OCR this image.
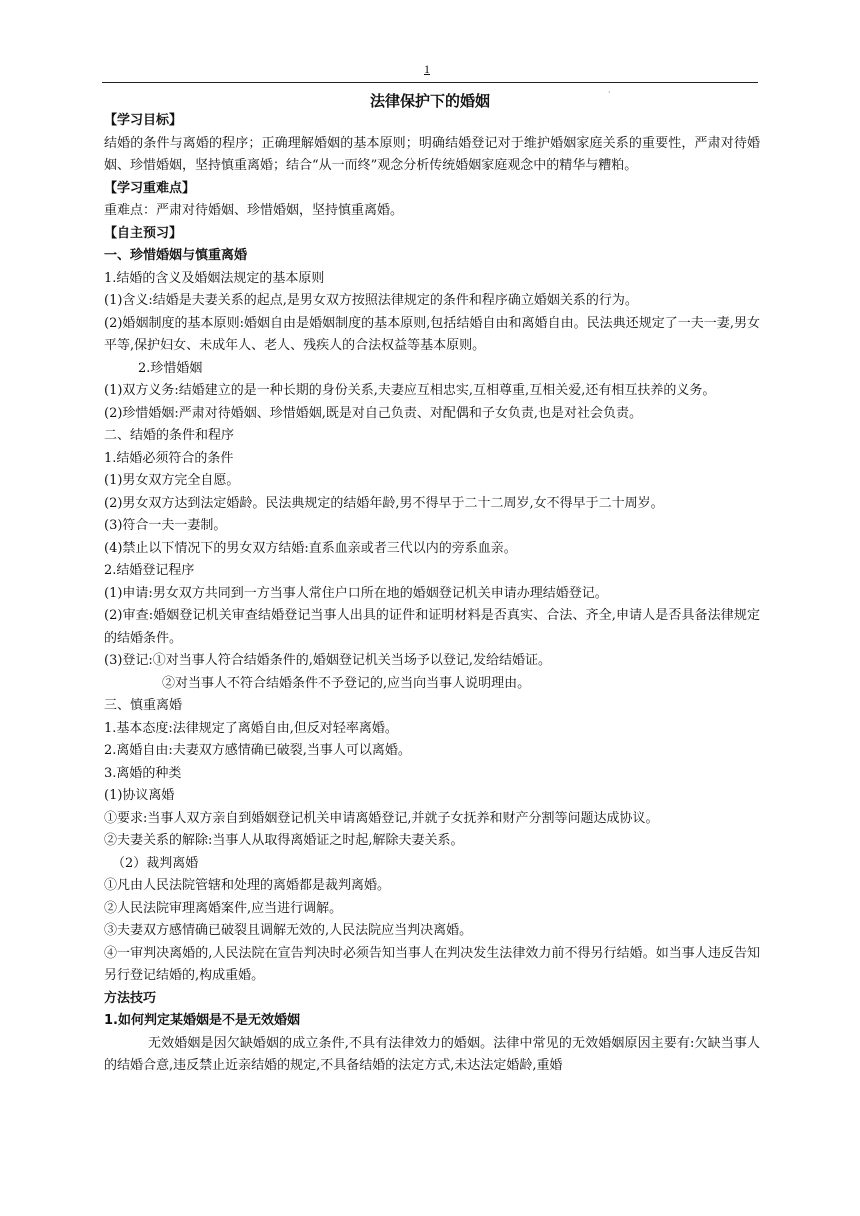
1
·
法律保护下的婚姻

【学习目标】

结婚的条件与离婚的程序；正确理解婚姻的基本原则；明确结婚登记对于维护婚姻家庭关系的重要性，严肃对待婚姻、珍惜婚姻，坚持慎重离婚；结合“从一而终”观念分析传统婚姻家庭观念中的精华与糟粕。

【学习重难点】

重难点：严肃对待婚姻、珍惜婚姻，坚持慎重离婚。

【自主预习】

一、珍惜婚姻与慎重离婚

1.结婚的含义及婚姻法规定的基本原则

(1)含义:结婚是夫妻关系的起点,是男女双方按照法律规定的条件和程序确立婚姻关系的行为。

(2)婚姻制度的基本原则:婚姻自由是婚姻制度的基本原则,包括结婚自由和离婚自由。民法典还规定了一夫一妻,男女平等,保护妇女、未成年人、老人、残疾人的合法权益等基本原则。

2.珍惜婚姻

(1)双方义务:结婚建立的是一种长期的身份关系,夫妻应互相忠实,互相尊重,互相关爱,还有相互扶养的义务。

(2)珍惜婚姻:严肃对待婚姻、珍惜婚姻,既是对自己负责、对配偶和子女负责,也是对社会负责。

二、结婚的条件和程序

1.结婚必须符合的条件

(1)男女双方完全自愿。

(2)男女双方达到法定婚龄。民法典规定的结婚年龄,男不得早于二十二周岁,女不得早于二十周岁。

(3)符合一夫一妻制。

(4)禁止以下情况下的男女双方结婚:直系血亲或者三代以内的旁系血亲。

2.结婚登记程序

(1)申请:男女双方共同到一方当事人常住户口所在地的婚姻登记机关申请办理结婚登记。

(2)审查:婚姻登记机关审查结婚登记当事人出具的证件和证明材料是否真实、合法、齐全,申请人是否具备法律规定的结婚条件。

(3)登记:①对当事人符合结婚条件的,婚姻登记机关当场予以登记,发给结婚证。

②对当事人不符合结婚条件不予登记的,应当向当事人说明理由。

三、慎重离婚

1.基本态度:法律规定了离婚自由,但反对轻率离婚。

2.离婚自由:夫妻双方感情确已破裂,当事人可以离婚。

3.离婚的种类

(1)协议离婚

①要求:当事人双方亲自到婚姻登记机关申请离婚登记,并就子女抚养和财产分割等问题达成协议。

②夫妻关系的解除:当事人从取得离婚证之时起,解除夫妻关系。

（2）裁判离婚

①凡由人民法院管辖和处理的离婚都是裁判离婚。

②人民法院审理离婚案件,应当进行调解。

③夫妻双方感情确已破裂且调解无效的,人民法院应当判决离婚。

④一审判决离婚的,人民法院在宣告判决时必须告知当事人在判决发生法律效力前不得另行结婚。如当事人违反告知另行登记结婚的,构成重婚。

方法技巧

1.如何判定某婚姻是不是无效婚姻

无效婚姻是因欠缺婚姻的成立条件,不具有法律效力的婚姻。法律中常见的无效婚姻原因主要有:欠缺当事人的结婚合意,违反禁止近亲结婚的规定,不具备结婚的法定方式,未达法定婚龄,重婚
